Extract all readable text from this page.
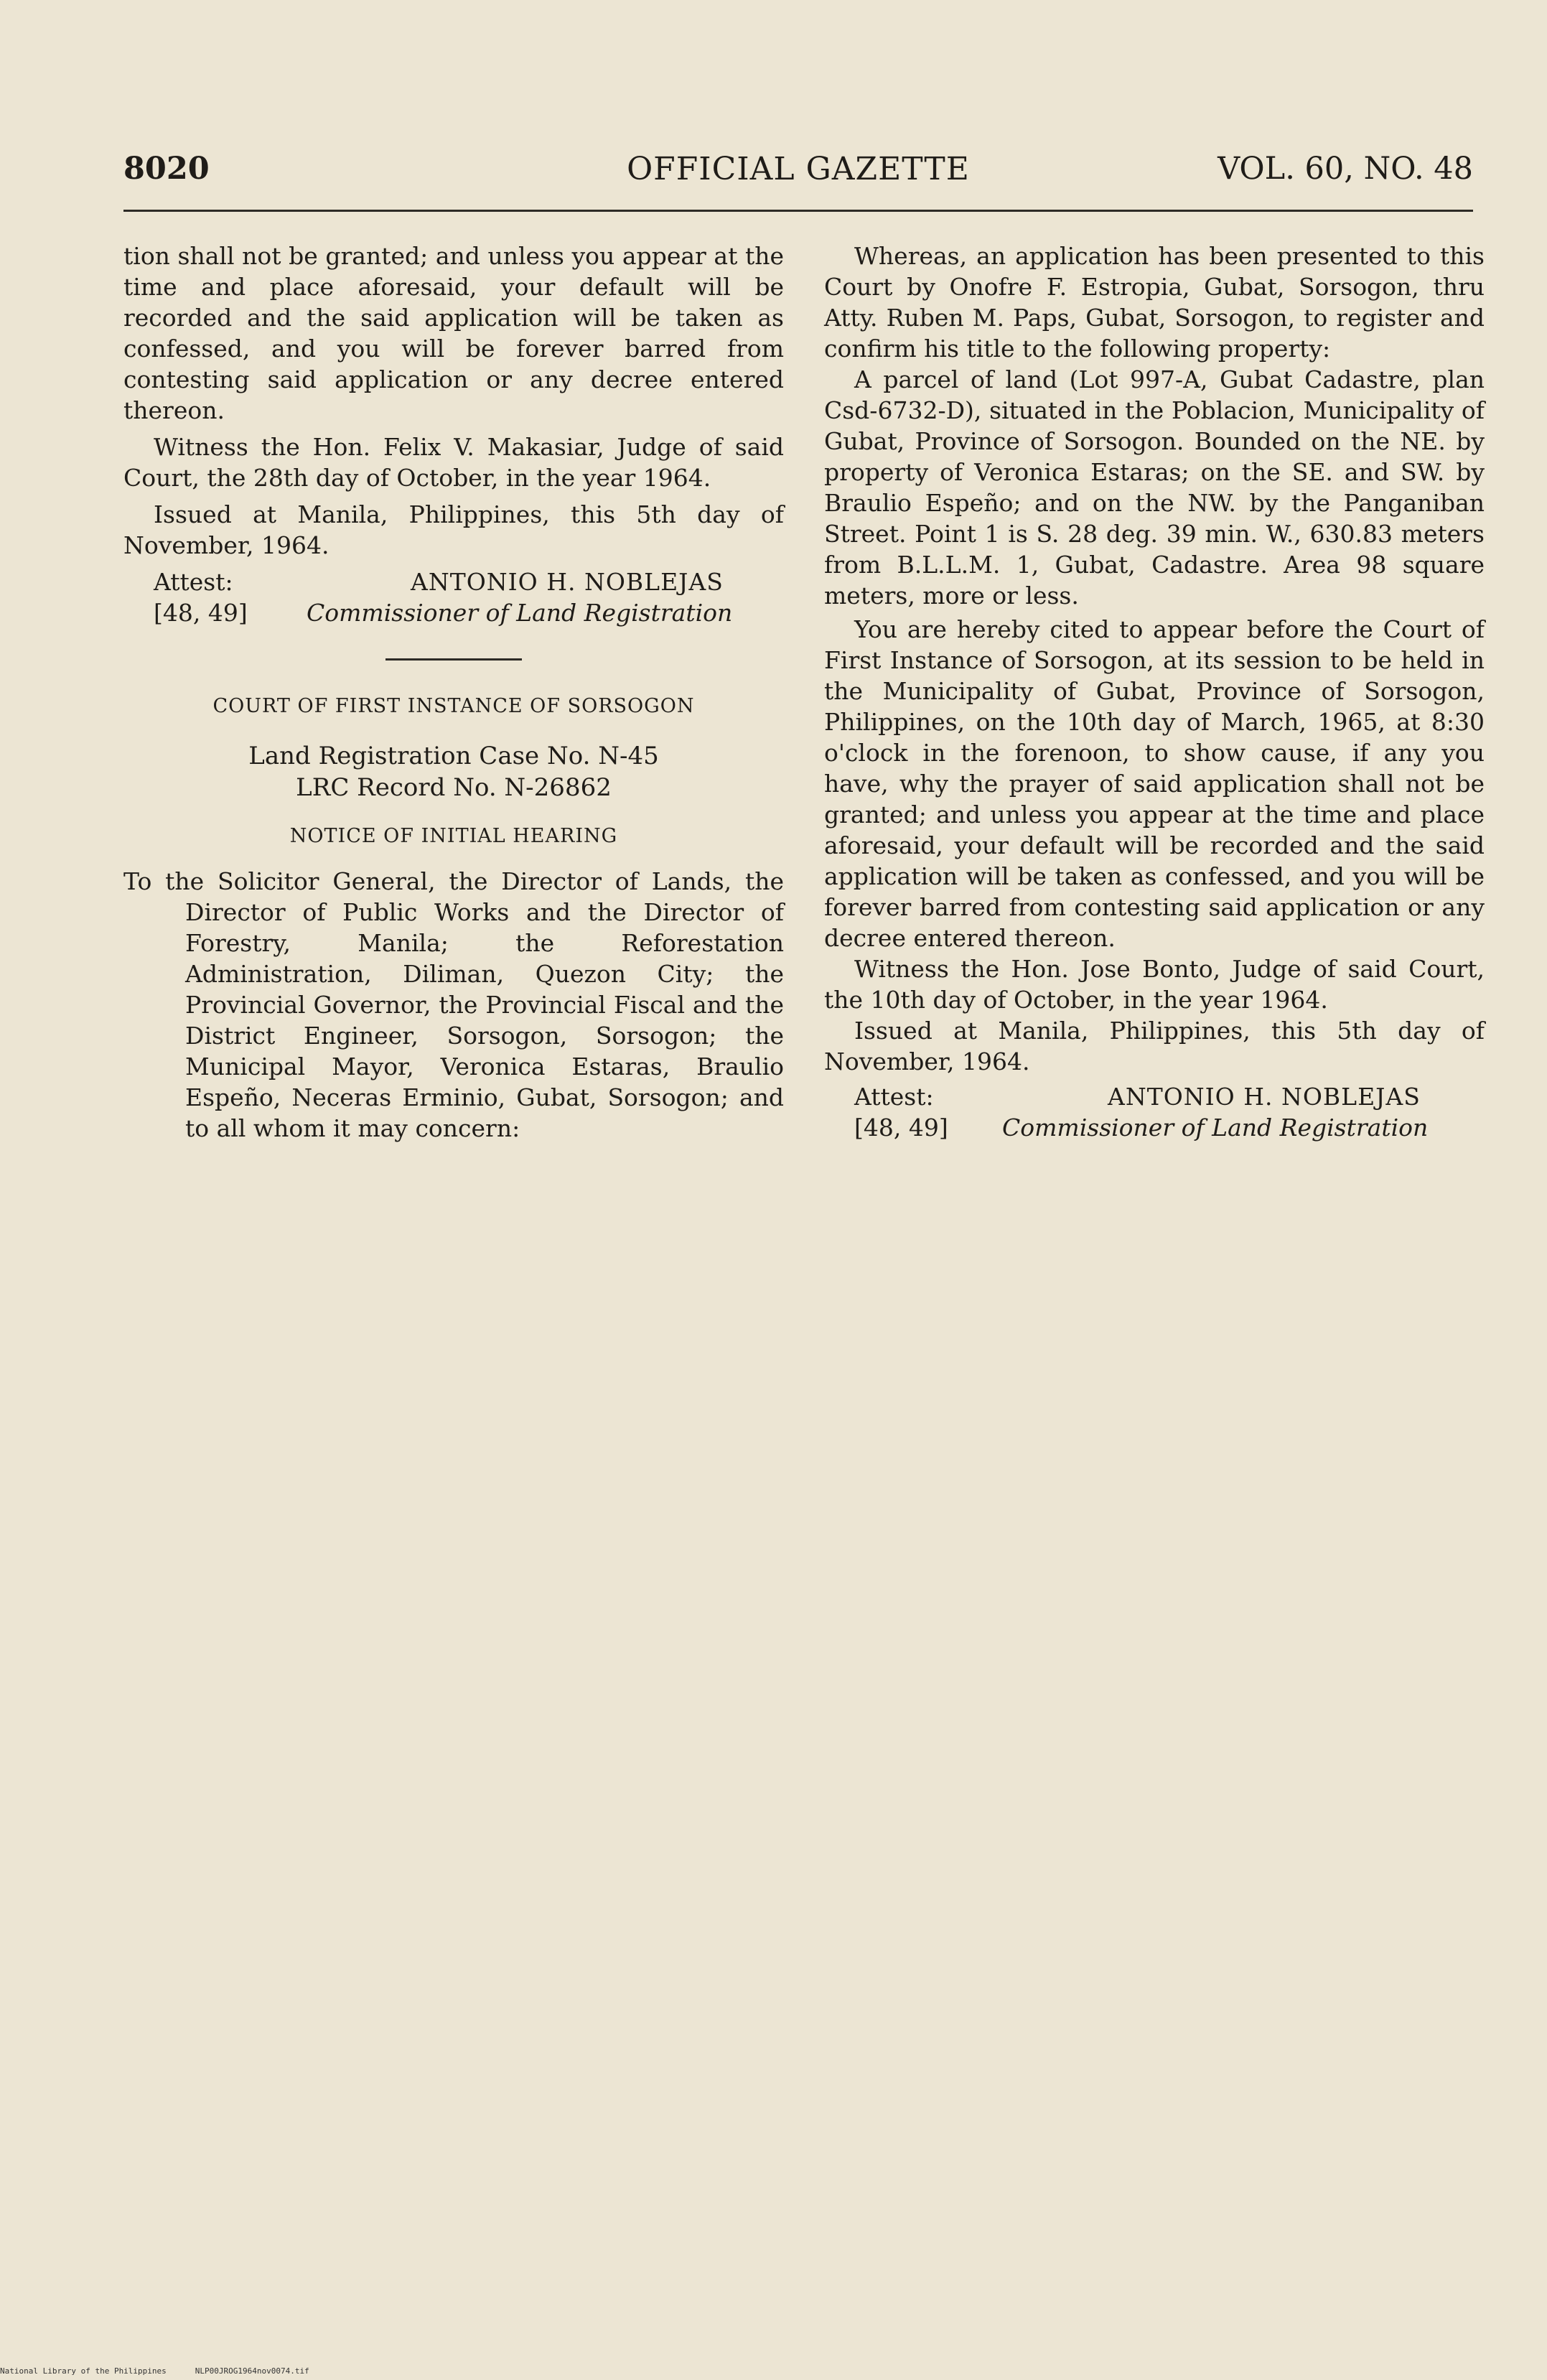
8020	OFFICIAL GAZETTE	VOL. 60, NO. 48

tion shall not be granted; and unless you appear at the time and place aforesaid, your default will be recorded and the said application will be taken as confessed, and you will be forever barred from contesting said application or any decree entered thereon.

Witness the Hon. Felix V. Makasiar, Judge of said Court, the 28th day of October, in the year 1964.

Issued at Manila, Philippines, this 5th day of November, 1964.

Attest:	ANTONIO H. NOBLEJAS
[48, 49] Commissioner of Land Registration
COURT OF FIRST INSTANCE OF SORSOGON
Land Registration Case No. N-45
LRC Record No. N-26862
NOTICE OF INITIAL HEARING

To the Solicitor General, the Director of Lands, the Director of Public Works and the Director of Forestry, Manila; the Reforestation Administration, Diliman, Quezon City; the Provincial Governor, the Provincial Fiscal and the District Engineer, Sorsogon, Sorsogon; the Municipal Mayor, Veronica Estaras, Braulio Espeño, Neceras Erminio, Gubat, Sorsogon; and to all whom it may concern:

Whereas, an application has been presented to this Court by Onofre F. Estropia, Gubat, Sorsogon, thru Atty. Ruben M. Paps, Gubat, Sorsogon, to register and confirm his title to the following property:

A parcel of land (Lot 997-A, Gubat Cadastre, plan Csd-6732-D), situated in the Poblacion, Municipality of Gubat, Province of Sorsogon. Bounded on the NE. by property of Veronica Estaras; on the SE. and SW. by Braulio Espeño; and on the NW. by the Panganiban Street. Point 1 is S. 28 deg. 39 min. W., 630.83 meters from B.L.L.M. 1, Gubat, Cadastre. Area 98 square meters, more or less.

You are hereby cited to appear before the Court of First Instance of Sorsogon, at its session to be held in the Municipality of Gubat, Province of Sorsogon, Philippines, on the 10th day of March, 1965, at 8:30 o'clock in the forenoon, to show cause, if any you have, why the prayer of said application shall not be granted; and unless you appear at the time and place aforesaid, your default will be recorded and the said application will be taken as confessed, and you will be forever barred from contesting said application or any decree entered thereon.

Witness the Hon. Jose Bonto, Judge of said Court, the 10th day of October, in the year 1964.

Issued at Manila, Philippines, this 5th day of November, 1964.

Attest:	ANTONIO H. NOBLEJAS
[48, 49] Commissioner of Land Registration
National Library of the Philippines	NLP00JROG1964nov0074.tif
